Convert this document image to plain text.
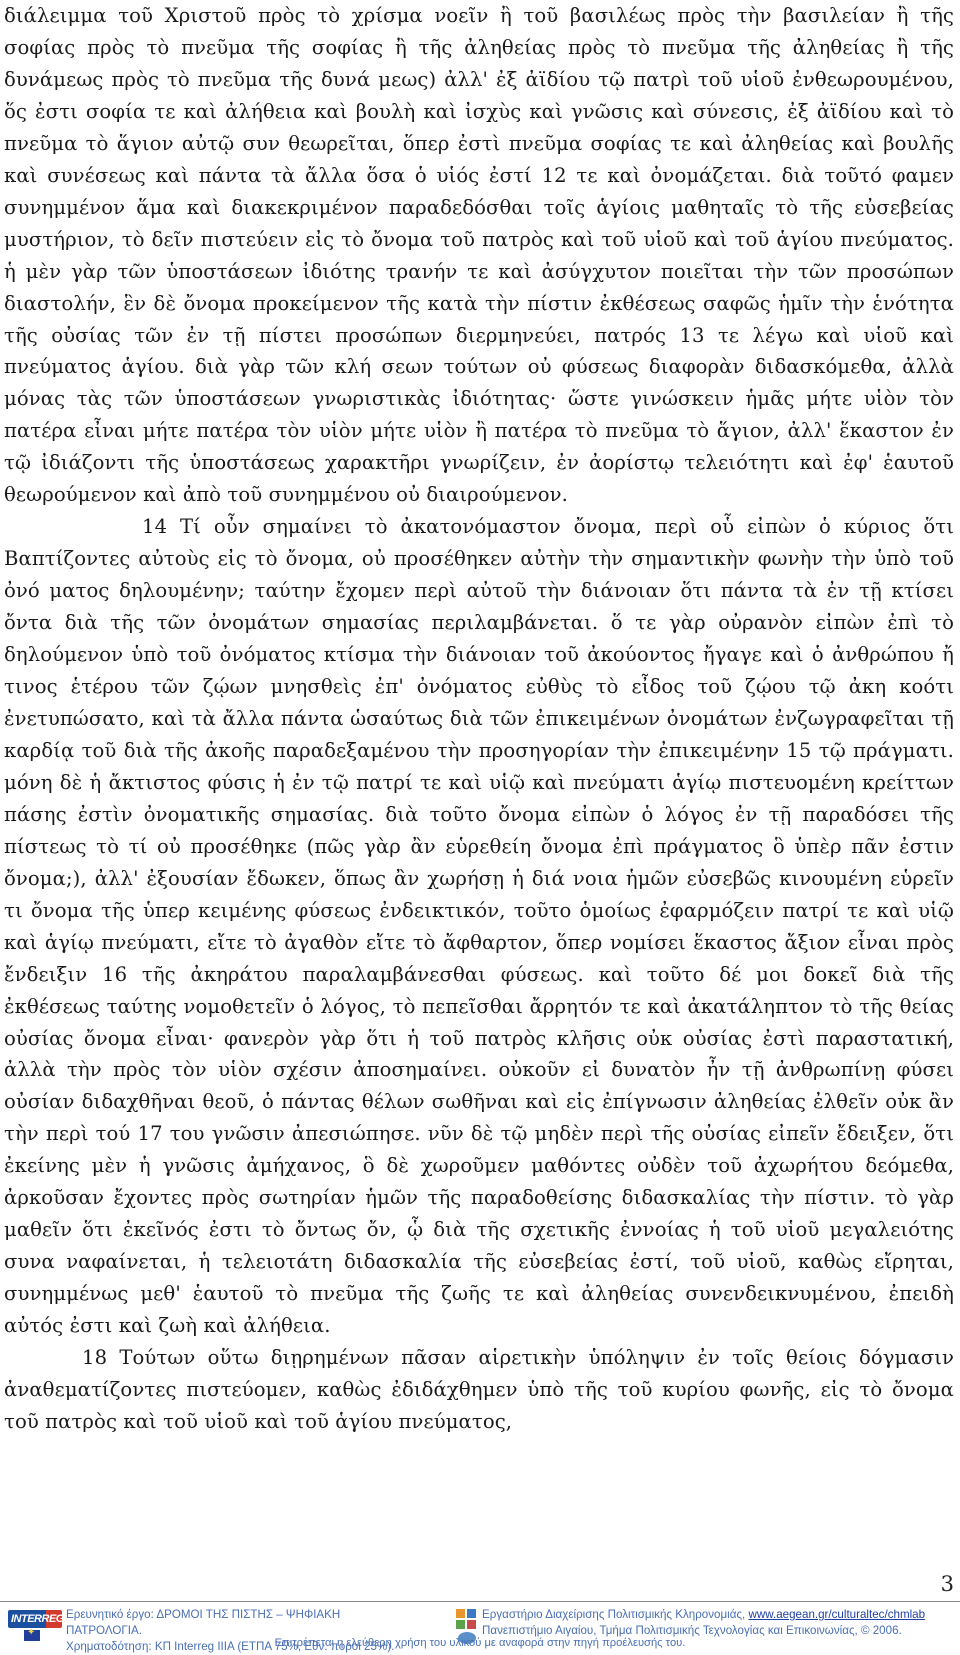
διάλειμμα τοῦ Χριστοῦ πρὸς τὸ χρίσμα νοεῖν ἢ τοῦ βασιλέως πρὸς τὴν βασιλείαν ἢ τῆς σοφίας πρὸς τὸ πνεῦμα τῆς σοφίας ἢ τῆς ἀληθείας πρὸς τὸ πνεῦμα τῆς ἀληθείας ἢ τῆς δυνάμεως πρὸς τὸ πνεῦμα τῆς δυνά μεως) ἀλλ' ἐξ ἀϊδίου τῷ πατρὶ τοῦ υἱοῦ ἐνθεωρουμένου, ὅς ἐστι σοφία τε καὶ ἀλήθεια καὶ βουλὴ καὶ ἰσχὺς καὶ γνῶσις καὶ σύνεσις, ἐξ ἀϊδίου καὶ τὸ πνεῦμα τὸ ἅγιον αὐτῷ συν θεωρεῖται, ὅπερ ἐστὶ πνεῦμα σοφίας τε καὶ ἀληθείας καὶ βουλῆς καὶ συνέσεως καὶ πάντα τὰ ἄλλα ὅσα ὁ υἱός ἐστί 12 τε καὶ ὀνομάζεται. διὰ τοῦτό φαμεν συνημμένον ἅμα καὶ διακεκριμένον παραδεδόσθαι τοῖς ἁγίοις μαθηταῖς τὸ τῆς εὐσεβείας μυστήριον, τὸ δεῖν πιστεύειν εἰς τὸ ὄνομα τοῦ πατρὸς καὶ τοῦ υἱοῦ καὶ τοῦ ἁγίου πνεύματος. ἡ μὲν γὰρ τῶν ὑποστάσεων ἰδιότης τρανήν τε καὶ ἀσύγχυτον ποιεῖται τὴν τῶν προσώπων διαστολήν, ἓν δὲ ὄνομα προκείμενον τῆς κατὰ τὴν πίστιν ἐκθέσεως σαφῶς ἡμῖν τὴν ἑνότητα τῆς οὐσίας τῶν ἐν τῇ πίστει προσώπων διερμηνεύει, πατρός 13 τε λέγω καὶ υἱοῦ καὶ πνεύματος ἁγίου. διὰ γὰρ τῶν κλή σεων τούτων οὐ φύσεως διαφορὰν διδασκόμεθα, ἀλλὰ μόνας τὰς τῶν ὑποστάσεων γνωριστικὰς ἰδιότητας· ὥστε γινώσκειν ἡμᾶς μήτε υἱὸν τὸν πατέρα εἶναι μήτε πατέρα τὸν υἱὸν μήτε υἱὸν ἢ πατέρα τὸ πνεῦμα τὸ ἅγιον, ἀλλ' ἕκαστον ἐν τῷ ἰδιάζοντι τῆς ὑποστάσεως χαρακτῆρι γνωρίζειν, ἐν ἀορίστῳ τελειότητι καὶ ἐφ' ἑαυτοῦ θεωρούμενον καὶ ἀπὸ τοῦ συνημμένου οὐ διαιρούμενον.

14 Τί οὖν σημαίνει τὸ ἀκατονόμαστον ὄνομα, περὶ οὗ εἰπὼν ὁ κύριος ὅτι Βαπτίζοντες αὐτοὺς εἰς τὸ ὄνομα, οὐ προσέθηκεν αὐτὴν τὴν σημαντικὴν φωνὴν τὴν ὑπὸ τοῦ ὀνό ματος δηλουμένην; ταύτην ἔχομεν περὶ αὐτοῦ τὴν διάνοιαν ὅτι πάντα τὰ ἐν τῇ κτίσει ὄντα διὰ τῆς τῶν ὀνομάτων σημασίας περιλαμβάνεται. ὅ τε γὰρ οὐρανὸν εἰπὼν ἐπὶ τὸ δηλούμενον ὑπὸ τοῦ ὀνόματος κτίσμα τὴν διάνοιαν τοῦ ἀκούοντος ἤγαγε καὶ ὁ ἀνθρώπου ἤ τινος ἑτέρου τῶν ζῴων μνησθεὶς ἐπ' ὀνόματος εὐθὺς τὸ εἶδος τοῦ ζῴου τῷ ἀκη κοότι ἐνετυπώσατο, καὶ τὰ ἄλλα πάντα ὡσαύτως διὰ τῶν ἐπικειμένων ὀνομάτων ἐνζωγραφεῖται τῇ καρδίᾳ τοῦ διὰ τῆς ἀκοῆς παραδεξαμένου τὴν προσηγορίαν τὴν ἐπικειμένην 15 τῷ πράγματι. μόνη δὲ ἡ ἄκτιστος φύσις ἡ ἐν τῷ πατρί τε καὶ υἱῷ καὶ πνεύματι ἁγίῳ πιστευομένη κρείττων πάσης ἐστὶν ὀνοματικῆς σημασίας. διὰ τοῦτο ὄνομα εἰπὼν ὁ λόγος ἐν τῇ παραδόσει τῆς πίστεως τὸ τί οὐ προσέθηκε (πῶς γὰρ ἂν εὑρεθείη ὄνομα ἐπὶ πράγματος ὃ ὑπὲρ πᾶν ἐστιν ὄνομα;), ἀλλ' ἐξουσίαν ἔδωκεν, ὅπως ἂν χωρήσῃ ἡ διά νοια ἡμῶν εὐσεβῶς κινουμένη εὑρεῖν τι ὄνομα τῆς ὑπερ κειμένης φύσεως ἐνδεικτικόν, τοῦτο ὁμοίως ἐφαρμόζειν πατρί τε καὶ υἱῷ καὶ ἁγίῳ πνεύματι, εἴτε τὸ ἀγαθὸν εἴτε τὸ ἄφθαρτον, ὅπερ νομίσει ἕκαστος ἄξιον εἶναι πρὸς ἔνδειξιν 16 τῆς ἀκηράτου παραλαμβάνεσθαι φύσεως. καὶ τοῦτο δέ μοι δοκεῖ διὰ τῆς ἐκθέσεως ταύτης νομοθετεῖν ὁ λόγος, τὸ πεπεῖσθαι ἄρρητόν τε καὶ ἀκατάληπτον τὸ τῆς θείας οὐσίας ὄνομα εἶναι· φανερὸν γὰρ ὅτι ἡ τοῦ πατρὸς κλῆσις οὐκ οὐσίας ἐστὶ παραστατική, ἀλλὰ τὴν πρὸς τὸν υἱὸν σχέσιν ἀποσημαίνει. οὐκοῦν εἰ δυνατὸν ἦν τῇ ἀνθρωπίνῃ φύσει οὐσίαν διδαχθῆναι θεοῦ, ὁ πάντας θέλων σωθῆναι καὶ εἰς ἐπίγνωσιν ἀληθείας ἐλθεῖν οὐκ ἂν τὴν περὶ τού 17 του γνῶσιν ἀπεσιώπησε. νῦν δὲ τῷ μηδὲν περὶ τῆς οὐσίας εἰπεῖν ἔδειξεν, ὅτι ἐκείνης μὲν ἡ γνῶσις ἀμήχανος, ὃ δὲ χωροῦμεν μαθόντες οὐδὲν τοῦ ἀχωρήτου δεόμεθα, ἀρκοῦσαν ἔχοντες πρὸς σωτηρίαν ἡμῶν τῆς παραδοθείσης διδασκαλίας τὴν πίστιν. τὸ γὰρ μαθεῖν ὅτι ἐκεῖνός ἐστι τὸ ὄντως ὄν, ᾧ διὰ τῆς σχετικῆς ἐννοίας ἡ τοῦ υἱοῦ μεγαλειότης συνα ναφαίνεται, ἡ τελειοτάτη διδασκαλία τῆς εὐσεβείας ἐστί, τοῦ υἱοῦ, καθὼς εἴρηται, συνημμένως μεθ' ἑαυτοῦ τὸ πνεῦμα τῆς ζωῆς τε καὶ ἀληθείας συνενδεικνυμένου, ἐπειδὴ αὐτός ἐστι καὶ ζωὴ καὶ ἀλήθεια.

18 Τούτων οὕτω διῃρημένων πᾶσαν αἱρετικὴν ὑπόληψιν ἐν τοῖς θείοις δόγμασιν ἀναθεματίζοντες πιστεύομεν, καθὼς ἐδιδάχθημεν ὑπὸ τῆς τοῦ κυρίου φωνῆς, εἰς τὸ ὄνομα τοῦ πατρὸς καὶ τοῦ υἱοῦ καὶ τοῦ ἁγίου πνεύματος,

3
INTERREG III
✦
Ερευνητικό έργο: ΔΡΟΜΟΙ ΤΗΣ ΠΙΣΤΗΣ – ΨΗΦΙΑΚΗ ΠΑΤΡΟΛΟΓΙΑ.
Χρηματοδότηση: ΚΠ Interreg IIIA (ΕΤΠΑ 75%, Εθν. πόροι 25%).
Εργαστήριο Διαχείρισης Πολιτισμικής Κληρονομιάς, www.aegean.gr/culturaltec/chmlab
Πανεπιστήμιο Αιγαίου, Τμήμα Πολιτισμικής Τεχνολογίας και Επικοινωνίας, © 2006.
Επιτρέπεται η ελεύθερη χρήση του υλικού με αναφορά στην πηγή προέλευσής του.
